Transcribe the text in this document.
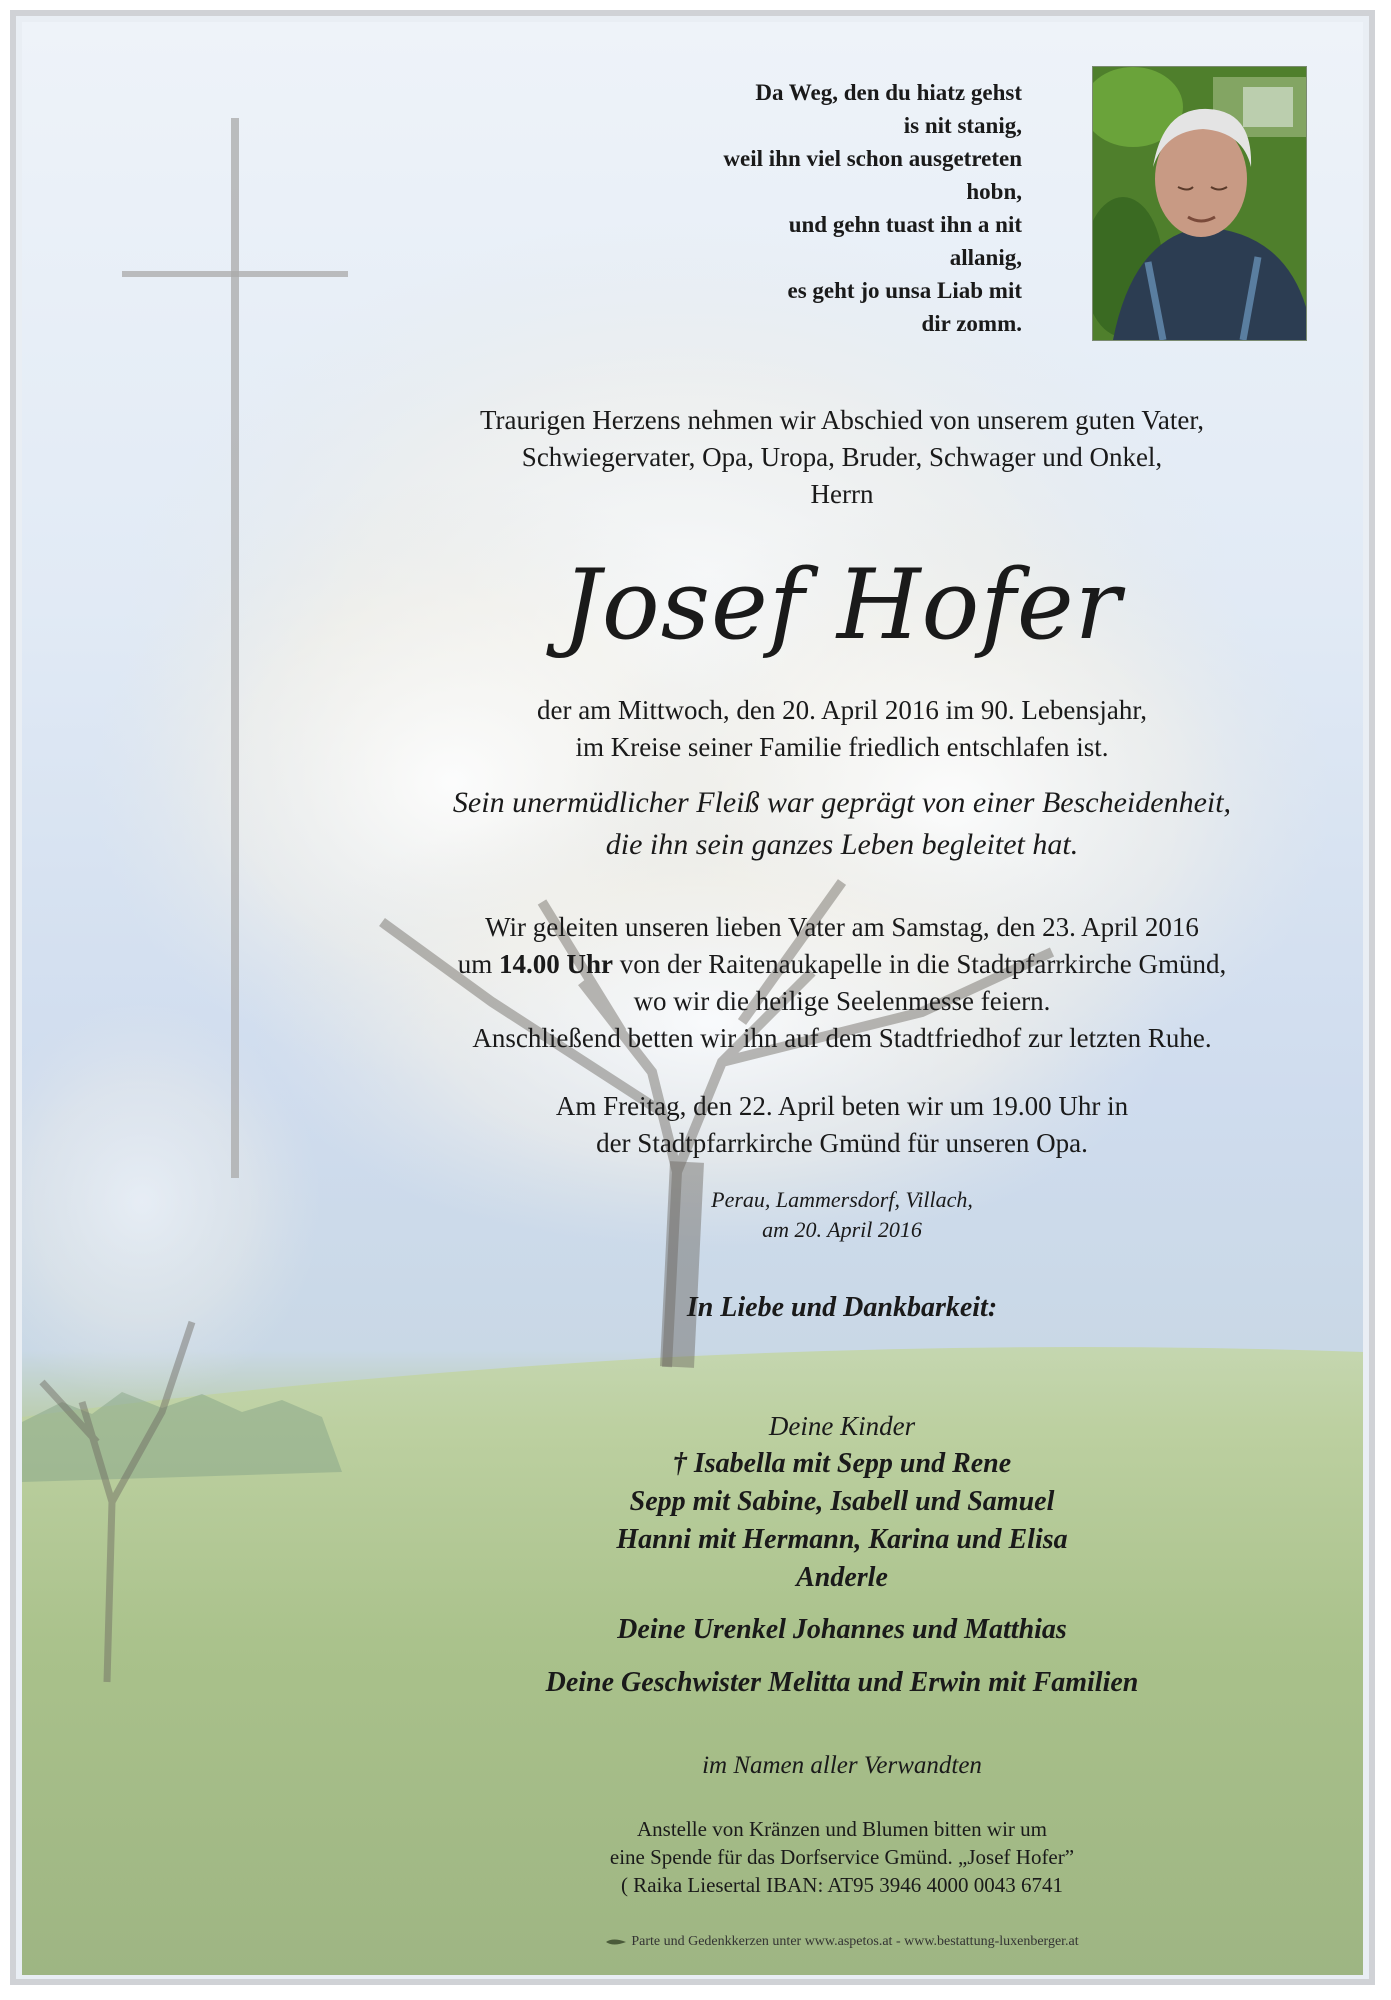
Da Weg, den du hiatz gehst
is nit stanig,
weil ihn viel schon ausgetreten
hobn,
und gehn tuast ihn a nit
allanig,
es geht jo unsa Liab mit
dir zomm.
Traurigen Herzens nehmen wir Abschied von unserem guten Vater,
Schwiegervater, Opa, Uropa, Bruder, Schwager und Onkel,
Herrn
Josef Hofer
der am Mittwoch, den 20. April 2016 im 90. Lebensjahr,
im Kreise seiner Familie friedlich entschlafen ist.
Sein unermüdlicher Fleiß war geprägt von einer Bescheidenheit,
die ihn sein ganzes Leben begleitet hat.
Wir geleiten unseren lieben Vater am Samstag, den 23. April 2016
um 14.00 Uhr von der Raitenaukapelle in die Stadtpfarrkirche Gmünd,
wo wir die heilige Seelenmesse feiern.
Anschließend betten wir ihn auf dem Stadtfriedhof zur letzten Ruhe.
Am Freitag, den 22. April beten wir um 19.00 Uhr in
der Stadtpfarrkirche Gmünd für unseren Opa.
Perau, Lammersdorf, Villach,
am 20. April 2016
In Liebe und Dankbarkeit:
Deine Kinder
† Isabella mit Sepp und Rene
Sepp mit Sabine, Isabell und Samuel
Hanni mit Hermann, Karina und Elisa
Anderle
Deine Urenkel Johannes und Matthias
Deine Geschwister Melitta und Erwin mit Familien
im Namen aller Verwandten
Anstelle von Kränzen und Blumen bitten wir um
eine Spende für das Dorfservice Gmünd. „Josef Hofer”
( Raika Liesertal IBAN: AT95 3946 4000 0043 6741
Parte und Gedenkkerzen unter www.aspetos.at - www.bestattung-luxenberger.at
